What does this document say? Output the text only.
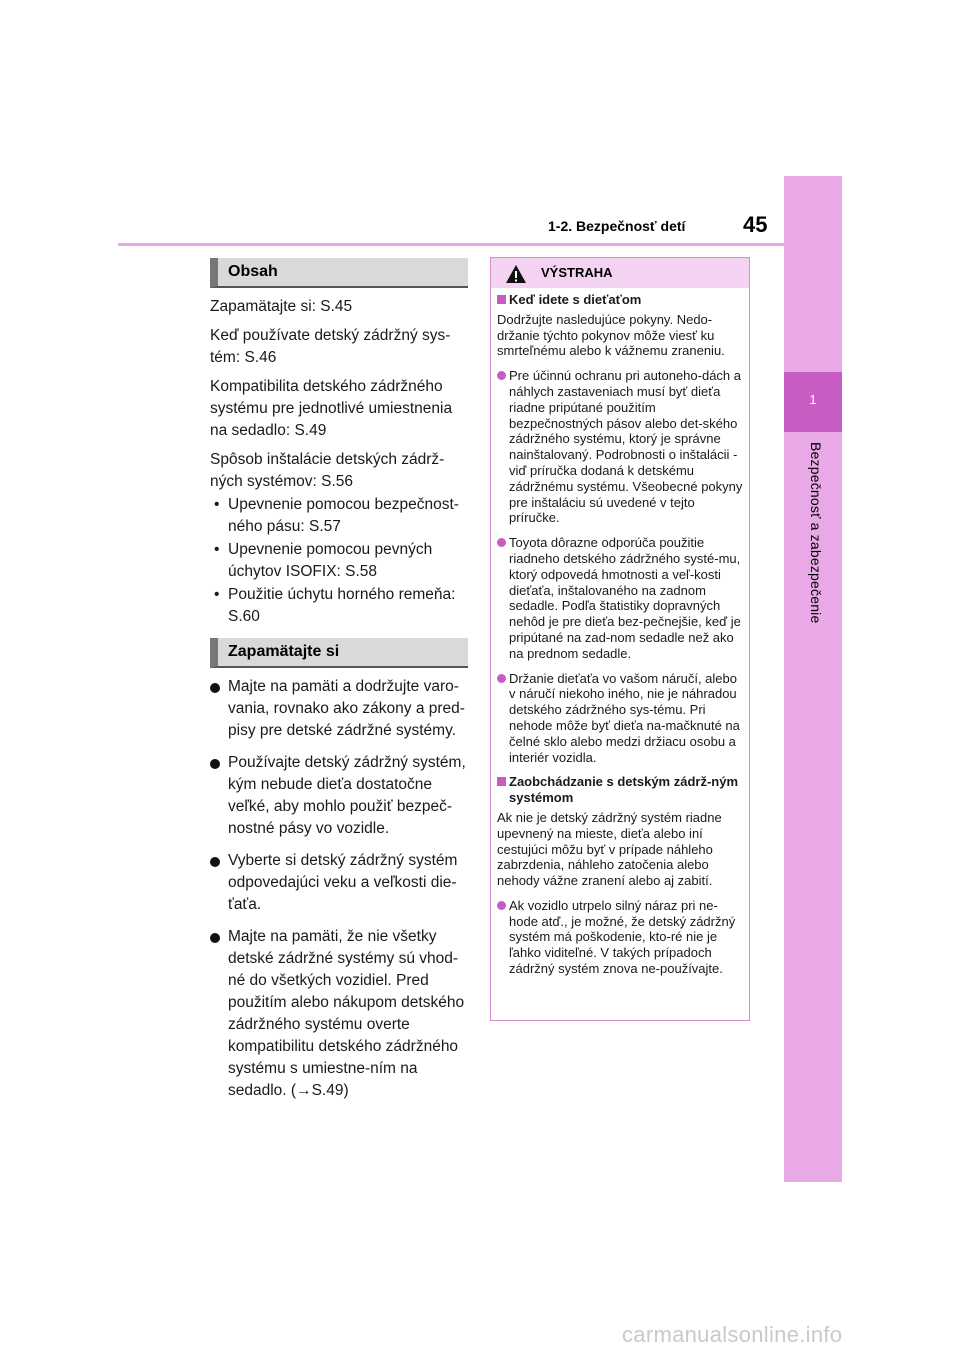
1-2. Bezpečnosť detí	45
1
Bezpečnosť a zabezpečenie
Obsah

Zapamätajte si: S.45

Keď používate detský zádržný sys-tém: S.46

Kompatibilita detského zádržného systému pre jednotlivé umiestnenia na sedadlo: S.49

Spôsob inštalácie detských zádrž-ných systémov: S.56

• Upevnenie pomocou bezpečnost-ného pásu: S.57

• Upevnenie pomocou pevných úchytov ISOFIX: S.58

• Použitie úchytu horného remeňa: S.60

Zapamätajte si
Majte na pamäti a dodržujte varo-vania, rovnako ako zákony a pred-pisy pre detské zádržné systémy.
Používajte detský zádržný systém, kým nebude dieťa dostatočne veľké, aby mohlo použiť bezpeč-nostné pásy vo vozidle.
Vyberte si detský zádržný systém odpovedajúci veku a veľkosti die-ťaťa.
Majte na pamäti, že nie všetky detské zádržné systémy sú vhod-né do všetkých vozidiel. Pred použitím alebo nákupom detského zádržného systému overte kompatibilitu detského zádržného systému s umiestne-ním na sedadlo. (→S.49)
VÝSTRAHA
Keď idete s dieťaťom
Dodržujte nasledujúce pokyny. Nedo-držanie týchto pokynov môže viesť ku smrteľnému alebo k vážnemu zraneniu.
Pre účinnú ochranu pri autoneho-dách a náhlych zastaveniach musí byť dieťa riadne pripútané použitím bezpečnostných pásov alebo det-ského zádržného systému, ktorý je správne nainštalovaný. Podrobnosti o inštalácii - viď príručka dodaná k detskému zádržnému systému. Všeobecné pokyny pre inštaláciu sú uvedené v tejto príručke.
Toyota dôrazne odporúča použitie riadneho detského zádržného systé-mu, ktorý odpovedá hmotnosti a veľ-kosti dieťaťa, inštalovaného na zadnom sedadle. Podľa štatistiky dopravných nehôd je pre dieťa bez-pečnejšie, keď je pripútané na zad-nom sedadle než ako na prednom sedadle.
Držanie dieťaťa vo vašom náručí, alebo v náručí niekoho iného, nie je náhradou detského zádržného sys-tému. Pri nehode môže byť dieťa na-mačknuté na čelné sklo alebo medzi držiacu osobu a interiér vozidla.
Zaobchádzanie s detským zádrž-ným systémom
Ak nie je detský zádržný systém riadne upevnený na mieste, dieťa alebo iní cestujúci môžu byť v prípade náhleho zabrzdenia, náhleho zatočenia alebo nehody vážne zranení alebo aj zabití.
Ak vozidlo utrpelo silný náraz pri ne-hode atď., je možné, že detský zádržný systém má poškodenie, kto-ré nie je ľahko viditeľné. V takých prípadoch zádržný systém znova ne-používajte.
carmanualsonline.info
